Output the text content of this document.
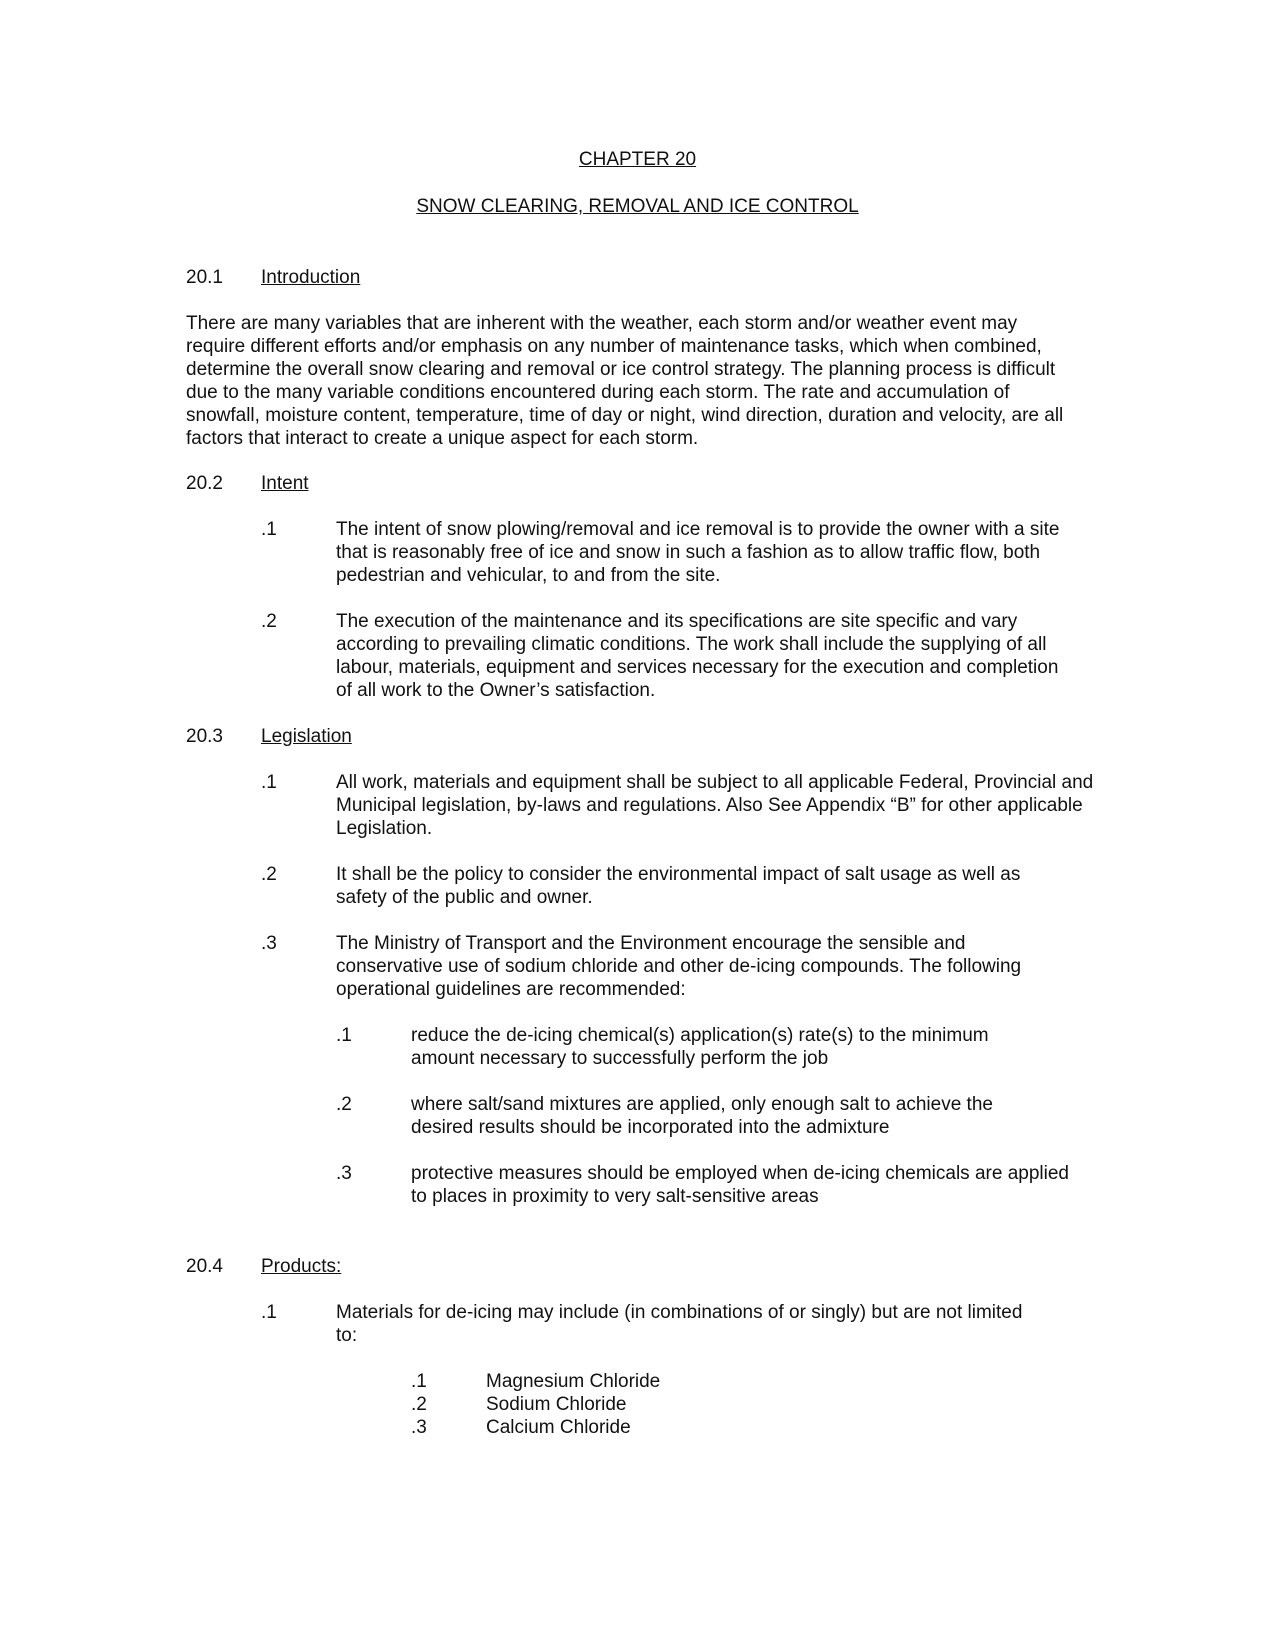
CHAPTER 20
SNOW CLEARING, REMOVAL AND ICE CONTROL
20.1 Introduction
There are many variables that are inherent with the weather, each storm and/or weather event may require different efforts and/or emphasis on any number of maintenance tasks, which when combined, determine the overall snow clearing and removal or ice control strategy. The planning process is difficult due to the many variable conditions encountered during each storm. The rate and accumulation of snowfall, moisture content, temperature, time of day or night, wind direction, duration and velocity, are all factors that interact to create a unique aspect for each storm.
20.2 Intent
.1	The intent of snow plowing/removal and ice removal is to provide the owner with a site that is reasonably free of ice and snow in such a fashion as to allow traffic flow, both pedestrian and vehicular, to and from the site.
.2	The execution of the maintenance and its specifications are site specific and vary according to prevailing climatic conditions. The work shall include the supplying of all labour, materials, equipment and services necessary for the execution and completion of all work to the Owner’s satisfaction.
20.3 Legislation
.1	All work, materials and equipment shall be subject to all applicable Federal, Provincial and Municipal legislation, by-laws and regulations. Also See Appendix “B” for other applicable Legislation.
.2	It shall be the policy to consider the environmental impact of salt usage as well as safety of the public and owner.
.3	The Ministry of Transport and the Environment encourage the sensible and conservative use of sodium chloride and other de-icing compounds. The following operational guidelines are recommended:
.1	reduce the de-icing chemical(s) application(s) rate(s) to the minimum amount necessary to successfully perform the job
.2	where salt/sand mixtures are applied, only enough salt to achieve the desired results should be incorporated into the admixture
.3	protective measures should be employed when de-icing chemicals are applied to places in proximity to very salt-sensitive areas
20.4 Products:
.1	Materials for de-icing may include (in combinations of or singly) but are not limited to:
.1	Magnesium Chloride
.2	Sodium Chloride
.3	Calcium Chloride
